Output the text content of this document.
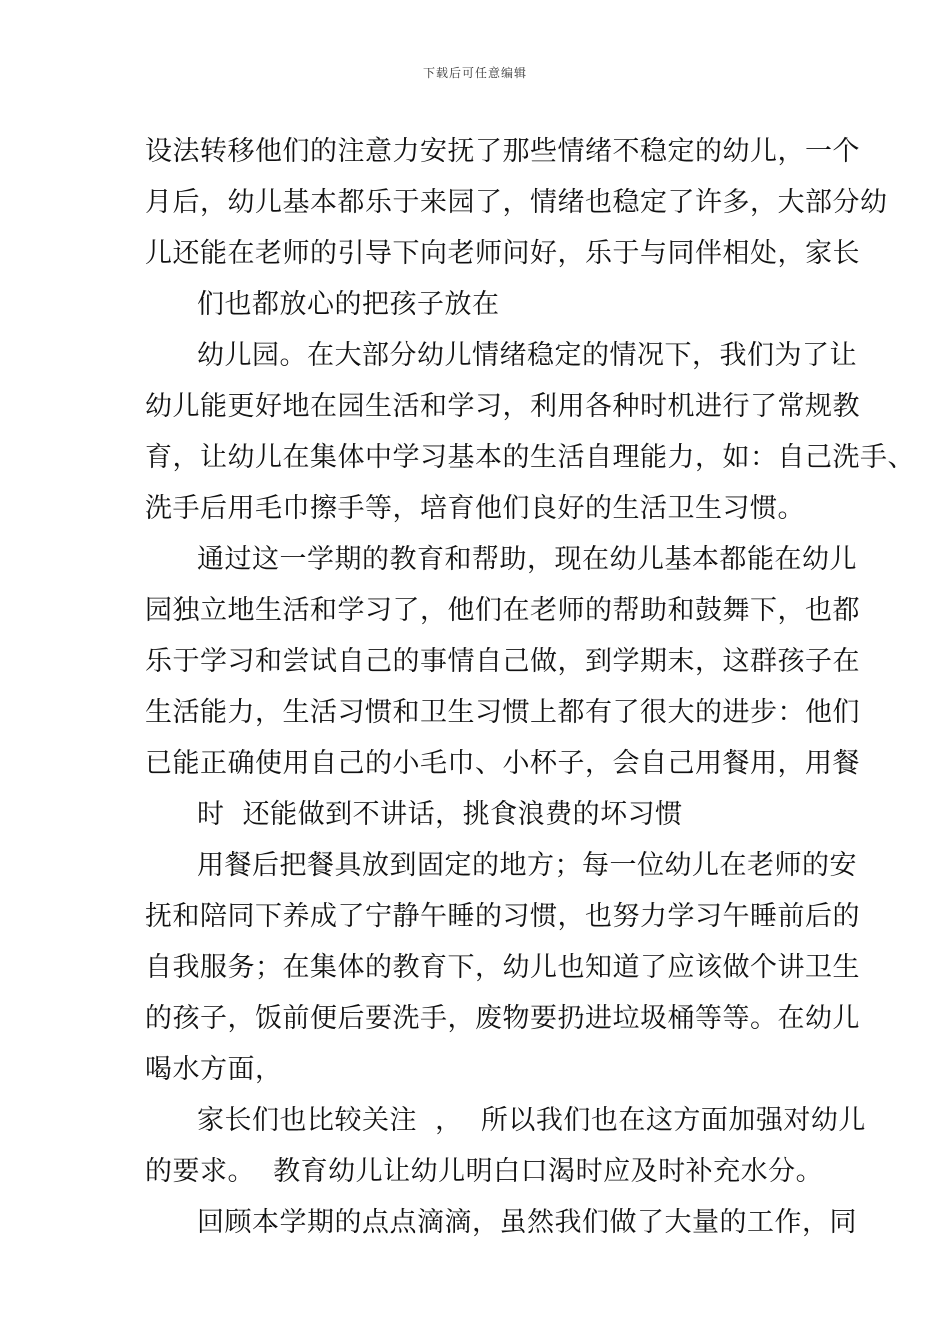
下载后可任意编辑
设法转移他们的注意力安抚了那些情绪不稳定的幼儿，一个
月后，幼儿基本都乐于来园了，情绪也稳定了许多，大部分幼
儿还能在老师的引导下向老师问好，乐于与同伴相处，家长
们也都放心的把孩子放在
幼儿园。在大部分幼儿情绪稳定的情况下，我们为了让
幼儿能更好地在园生活和学习，利用各种时机进行了常规教
育，让幼儿在集体中学习基本的生活自理能力，如：自己洗手、
洗手后用毛巾擦手等，培育他们良好的生活卫生习惯。
通过这一学期的教育和帮助，现在幼儿基本都能在幼儿
园独立地生活和学习了，他们在老师的帮助和鼓舞下，也都
乐于学习和尝试自己的事情自己做，到学期末，这群孩子在
生活能力，生活习惯和卫生习惯上都有了很大的进步：他们
已能正确使用自己的小毛巾、小杯子，会自己用餐用，用餐
时  还能做到不讲话，挑食浪费的坏习惯
用餐后把餐具放到固定的地方；每一位幼儿在老师的安
抚和陪同下养成了宁静午睡的习惯，也努力学习午睡前后的
自我服务；在集体的教育下，幼儿也知道了应该做个讲卫生
的孩子，饭前便后要洗手，废物要扔进垃圾桶等等。在幼儿
喝水方面，
家长们也比较关注  ，  所以我们也在这方面加强对幼儿
的要求。  教育幼儿让幼儿明白口渴时应及时补充水分。
回顾本学期的点点滴滴，虽然我们做了大量的工作，同
